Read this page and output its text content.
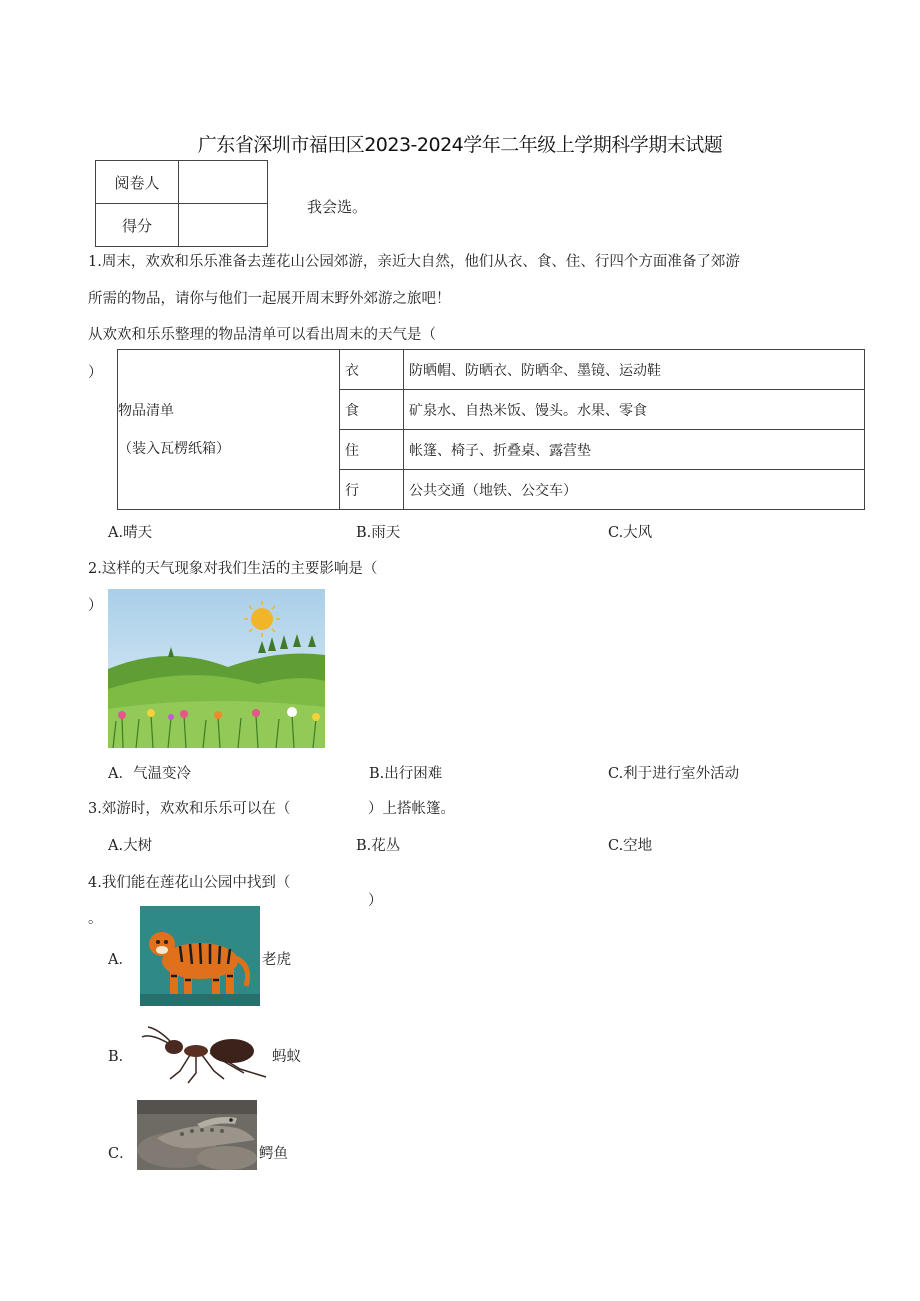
广东省深圳市福田区2023-2024学年二年级上学期科学期末试题
阅卷人	
得分	
我会选。
1.周末，欢欢和乐乐准备去莲花山公园郊游，亲近大自然，他们从衣、食、住、行四个方面准备了郊游
所需的物品，请你与他们一起展开周末野外郊游之旅吧！
从欢欢和乐乐整理的物品清单可以看出周末的天气是（
）
物品清单
（装入瓦楞纸箱）	衣	防晒帽、防晒衣、防晒伞、墨镜、运动鞋
	食	矿泉水、自热米饭、馒头。水果、零食
	住	帐篷、椅子、折叠桌、露营垫
	行	公共交通（地铁、公交车）
A.晴天	B.雨天	C.大风
2.这样的天气现象对我们生活的主要影响是（
）
A．气温变冷	B.出行困难	C.利于进行室外活动
3.郊游时，欢欢和乐乐可以在（	）上搭帐篷。
A.大树	B.花丛	C.空地
4.我们能在莲花山公园中找到（
）
。
A．	老虎
B．	蚂蚁
C．	鳄鱼
